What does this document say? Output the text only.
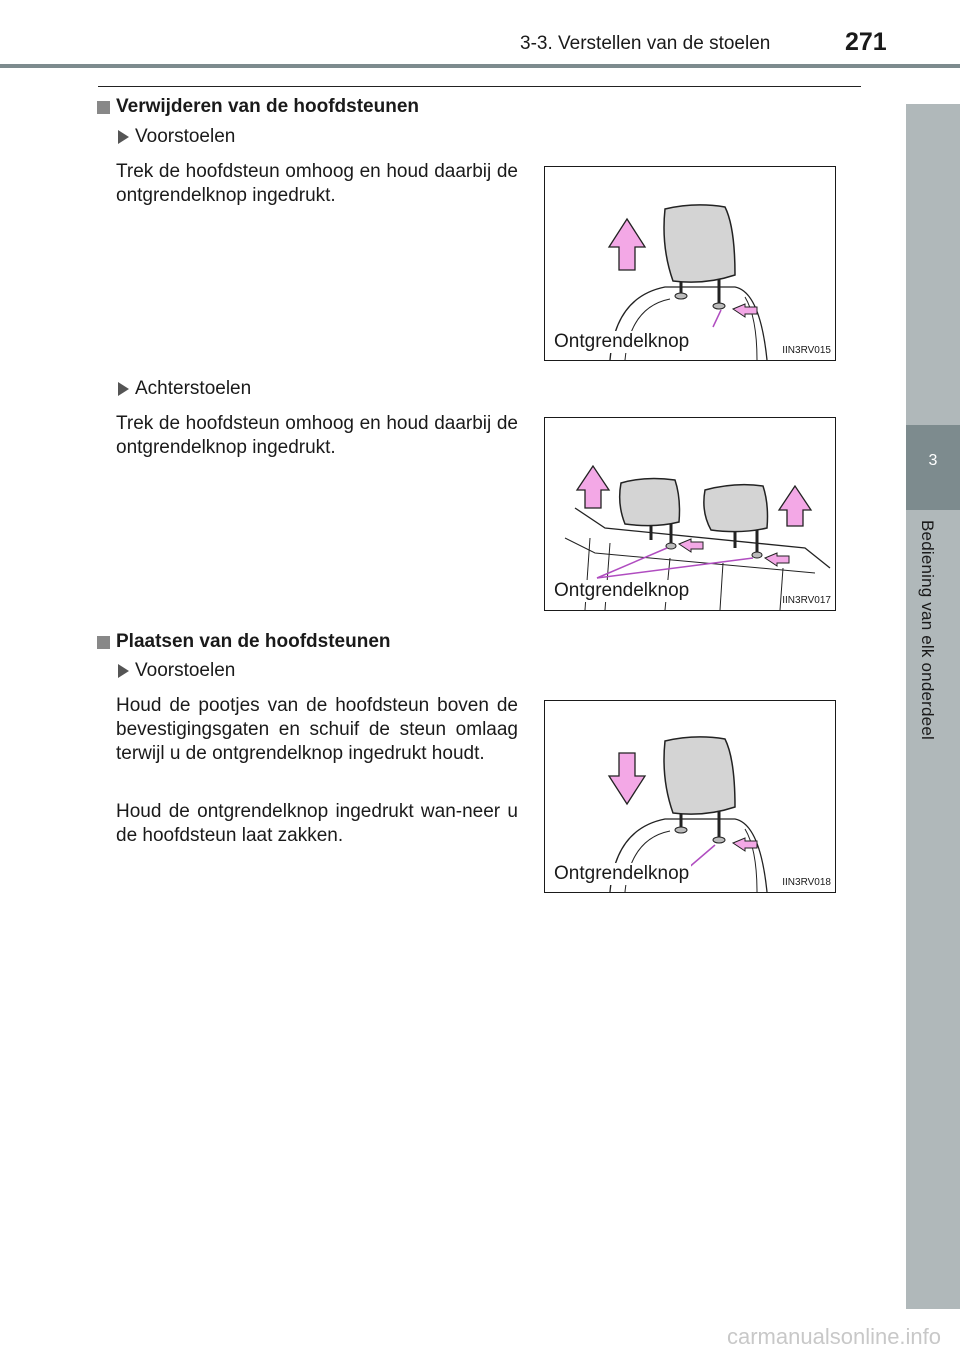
3-3. Verstellen van de stoelen	271
3
Bediening van elk onderdeel
Verwijderen van de hoofdsteunen
Voorstoelen
Trek de hoofdsteun omhoog en houd daarbij de ontgrendelknop ingedrukt.
Ontgrendelknop	IIN3RV015
Achterstoelen
Trek de hoofdsteun omhoog en houd daarbij de ontgrendelknop ingedrukt.
Ontgrendelknop	IIN3RV017
Plaatsen van de hoofdsteunen
Voorstoelen
Houd de pootjes van de hoofdsteun boven de bevestigingsgaten en schuif de steun omlaag terwijl u de ontgrendelknop ingedrukt houdt.
Houd de ontgrendelknop ingedrukt wan-neer u de hoofdsteun laat zakken.
Ontgrendelknop	IIN3RV018
carmanualsonline.info
